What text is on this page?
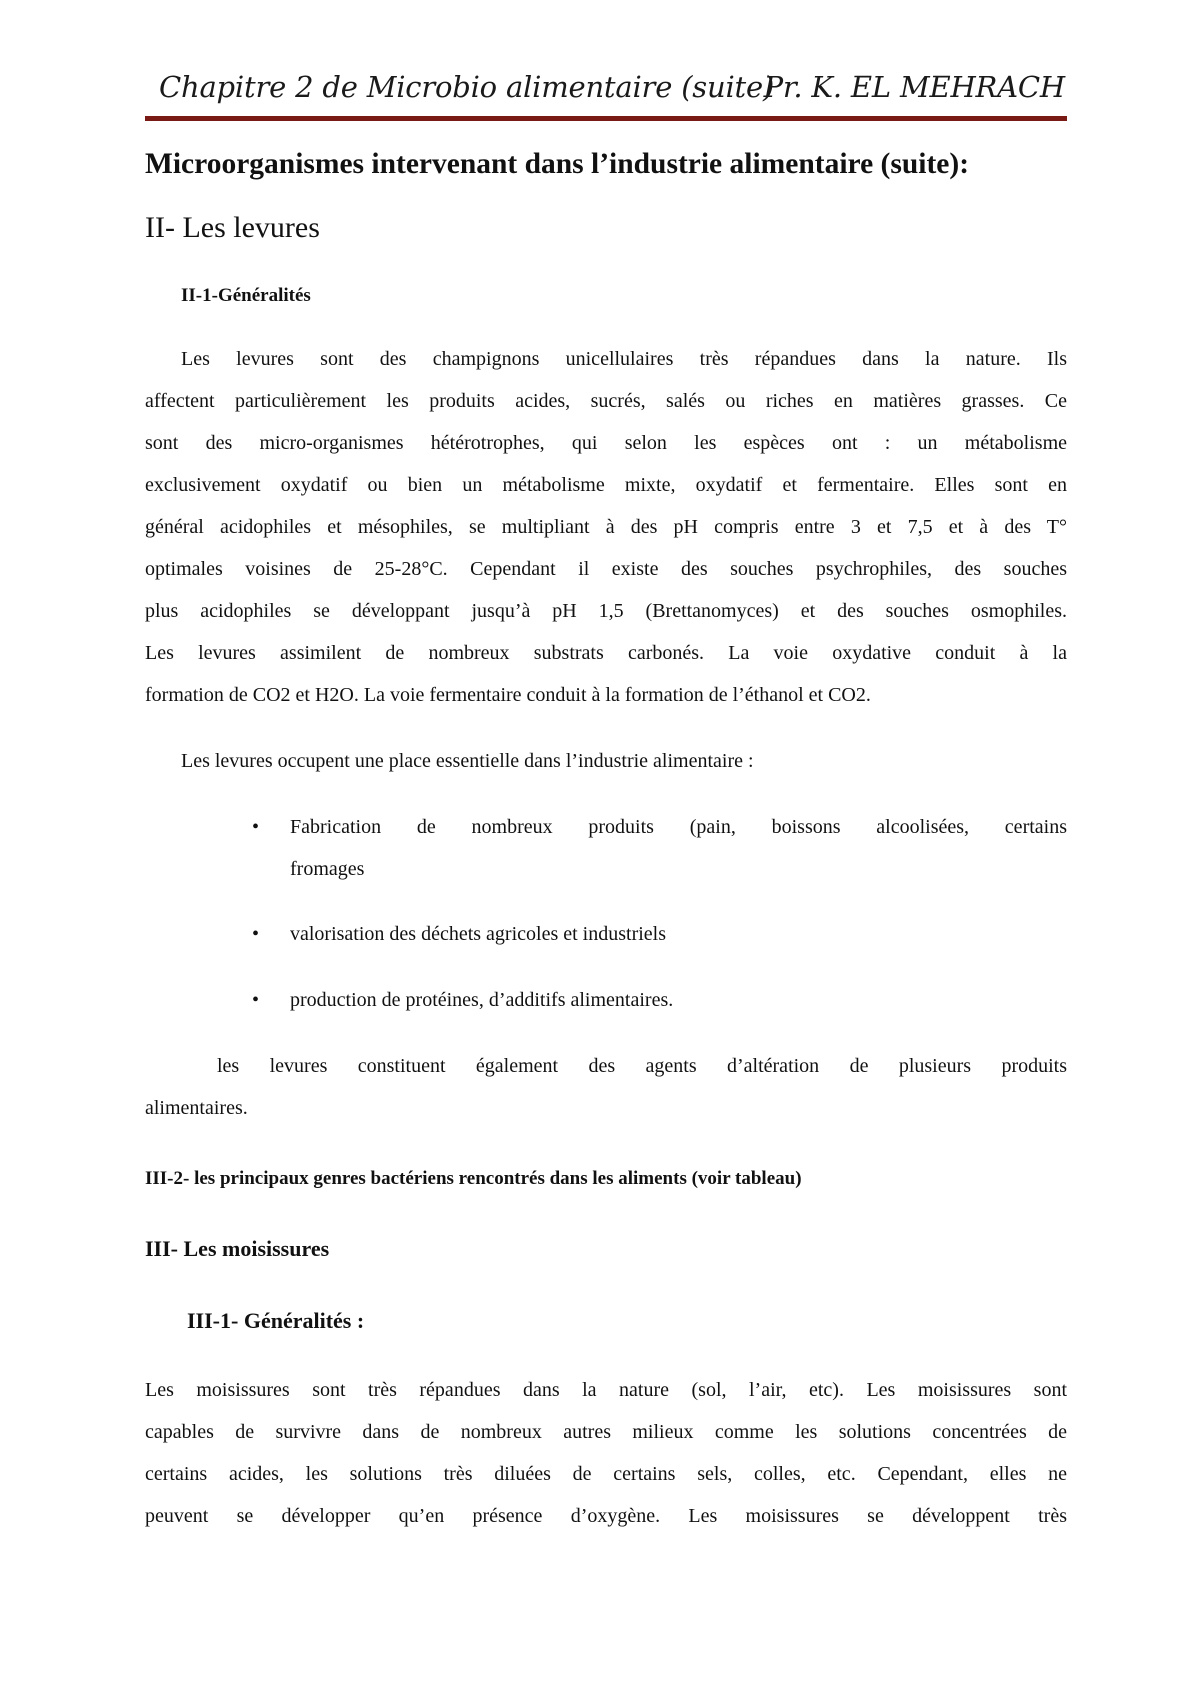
Chapitre 2 de Microbio alimentaire (suite)
Pr. K. EL MEHRACH
Microorganismes intervenant dans l’industrie alimentaire (suite):
II- Les levures
II-1-Généralités
Les levures sont des champignons unicellulaires très répandues dans la nature. Ils
affectent particulièrement les produits acides, sucrés, salés ou riches en matières grasses. Ce
sont des micro-organismes hétérotrophes, qui selon les espèces ont : un métabolisme
exclusivement oxydatif ou bien un métabolisme mixte, oxydatif et fermentaire. Elles sont en
général acidophiles et mésophiles, se multipliant à des pH compris entre 3 et 7,5 et à des T°
optimales voisines de 25-28°C. Cependant il existe des souches psychrophiles, des souches
plus acidophiles se développant jusqu’à pH 1,5 (Brettanomyces) et des souches osmophiles.
Les levures assimilent de nombreux substrats carbonés. La voie oxydative conduit à la
formation de CO2 et H2O. La voie fermentaire conduit à la formation de l’éthanol et CO2.
Les levures occupent une place essentielle dans l’industrie alimentaire :
• Fabrication de nombreux produits (pain, boissons alcoolisées, certains
fromages
• valorisation des déchets agricoles et industriels
• production de protéines, d’additifs alimentaires.
les levures constituent également des agents d’altération de plusieurs produits
alimentaires.
III-2- les principaux genres bactériens rencontrés dans les aliments (voir tableau)
III- Les moisissures
III-1- Généralités :
Les moisissures sont très répandues dans la nature (sol, l’air, etc). Les moisissures sont
capables de survivre dans de nombreux autres milieux comme les solutions concentrées de
certains acides, les solutions très diluées de certains sels, colles, etc. Cependant, elles ne
peuvent se développer qu’en présence d’oxygène. Les moisissures se développent très
